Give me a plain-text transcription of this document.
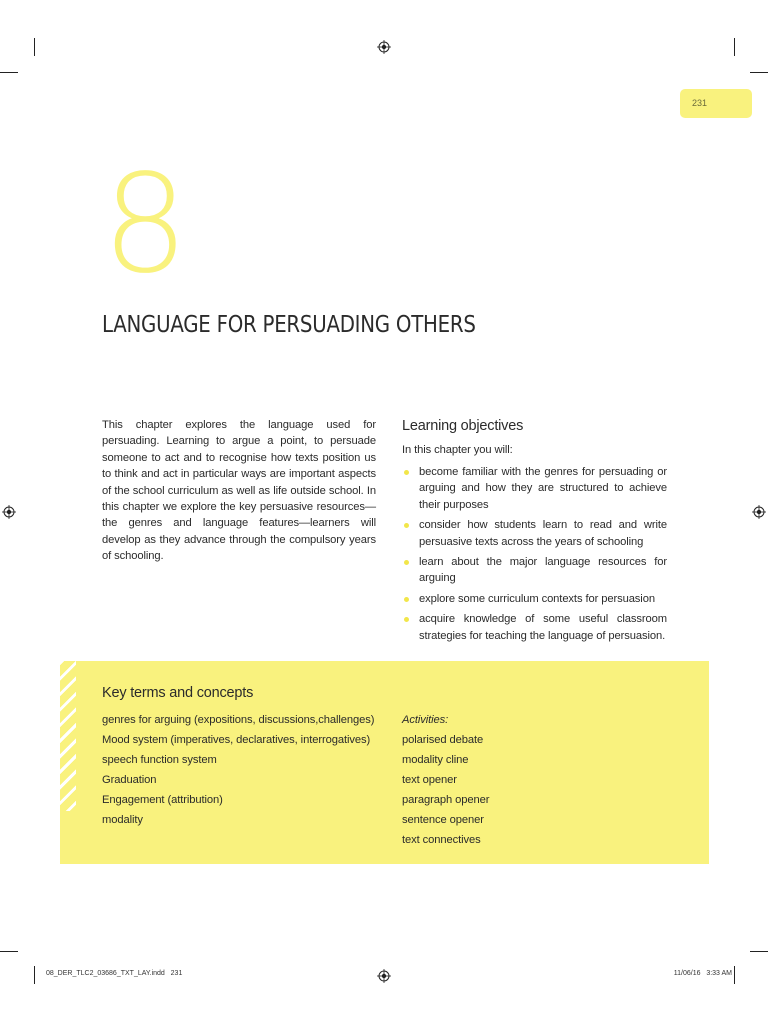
231
8
LANGUAGE FOR PERSUADING OTHERS

This chapter explores the language used for persuading. Learning to argue a point, to persuade someone to act and to recognise how texts position us to think and act in particular ways are important aspects of the school curriculum as well as life outside school. In this chapter we explore the key persuasive resources—the genres and language features—learners will develop as they advance through the compulsory years of schooling.

Learning objectives
In this chapter you will:
become familiar with the genres for persuading or arguing and how they are structured to achieve their purposes
consider how students learn to read and write persuasive texts across the years of schooling
learn about the major language resources for arguing
explore some curriculum contexts for persuasion
acquire knowledge of some useful classroom strategies for teaching the language of persuasion.
Key terms and concepts
genres for arguing (expositions, discussions,challenges)
Mood system (imperatives, declaratives, interrogatives)
speech function system
Graduation
Engagement (attribution)
modality
Activities:
polarised debate
modality cline
text opener
paragraph opener
sentence opener
text connectives
08_DER_TLC2_03686_TXT_LAY.indd   231	11/06/16   3:33 AM
